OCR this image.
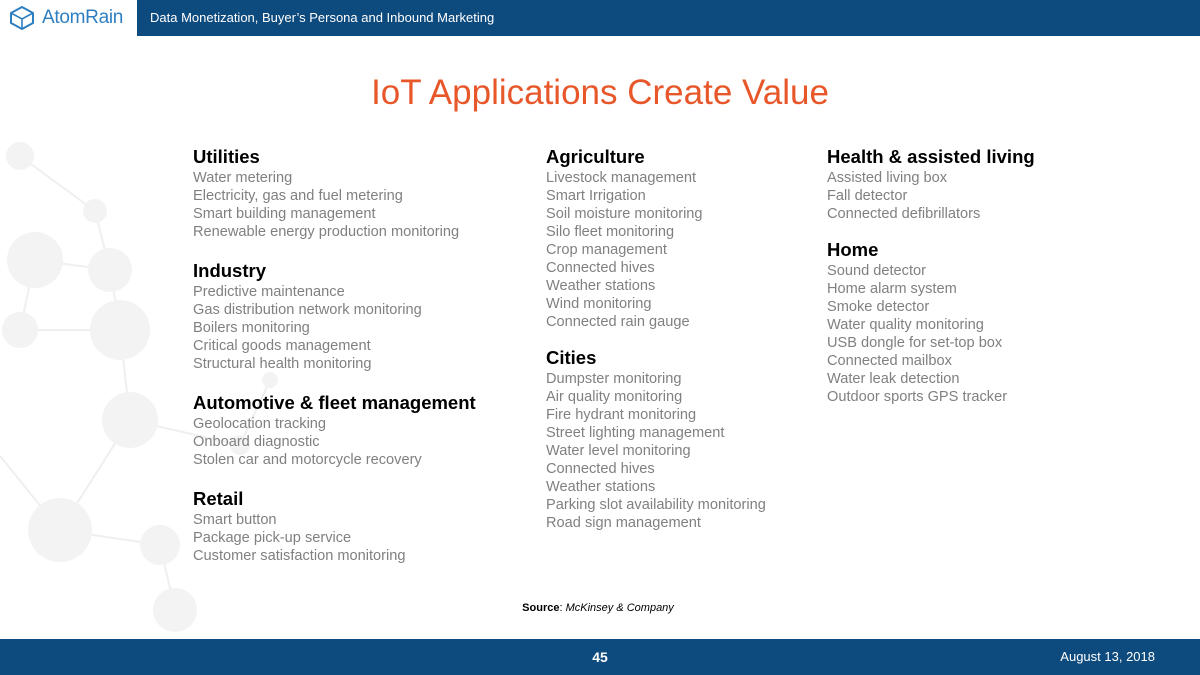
AtomRain Data Monetization, Buyer’s Persona and Inbound Marketing
IoT Applications Create Value
Utilities
Water metering
Electricity, gas and fuel metering
Smart building management
Renewable energy production monitoring
Industry
Predictive maintenance
Gas distribution network monitoring
Boilers monitoring
Critical goods management
Structural health monitoring
Automotive & fleet management
Geolocation tracking
Onboard diagnostic
Stolen car and motorcycle recovery
Retail
Smart button
Package pick-up service
Customer satisfaction monitoring
Agriculture
Livestock management
Smart Irrigation
Soil moisture monitoring
Silo fleet monitoring
Crop management
Connected hives
Weather stations
Wind monitoring
Connected rain gauge
Cities
Dumpster monitoring
Air quality monitoring
Fire hydrant monitoring
Street lighting management
Water level monitoring
Connected hives
Weather stations
Parking slot availability monitoring
Road sign management
Health & assisted living
Assisted living box
Fall detector
Connected defibrillators
Home
Sound detector
Home alarm system
Smoke detector
Water quality monitoring
USB dongle for set-top box
Connected mailbox
Water leak detection
Outdoor sports GPS tracker
Source: McKinsey & Company
45	August 13, 2018
